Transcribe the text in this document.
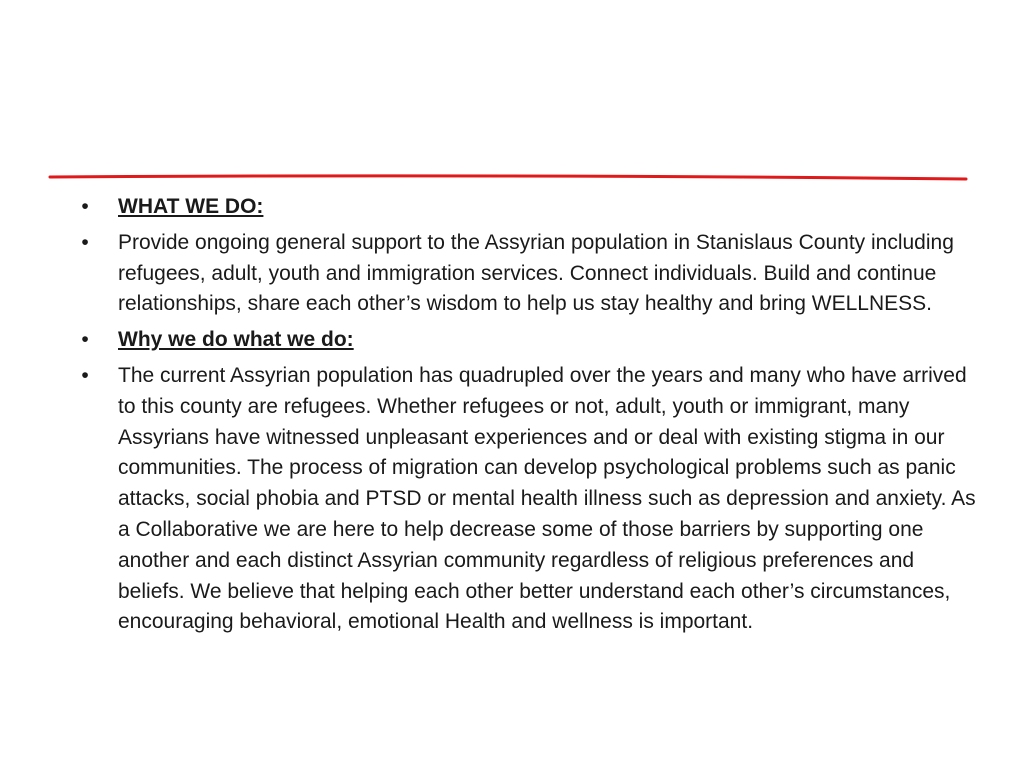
• WHAT WE DO:
• Provide ongoing general support to the Assyrian population in Stanislaus County including refugees, adult, youth and immigration services. Connect individuals. Build and continue relationships, share each other’s wisdom to help us stay healthy and bring WELLNESS.
• Why we do what we do:
• The current Assyrian population has quadrupled over the years and many who have arrived to this county are refugees. Whether refugees or not, adult, youth or immigrant, many Assyrians have witnessed unpleasant experiences and or deal with existing stigma in our communities. The process of migration can develop psychological problems such as panic attacks, social phobia and PTSD or mental health illness such as depression and anxiety. As a Collaborative we are here to help decrease some of those barriers by supporting one another and each distinct Assyrian community regardless of religious preferences and beliefs. We believe that helping each other better understand each other’s circumstances, encouraging behavioral, emotional Health and wellness is important.
